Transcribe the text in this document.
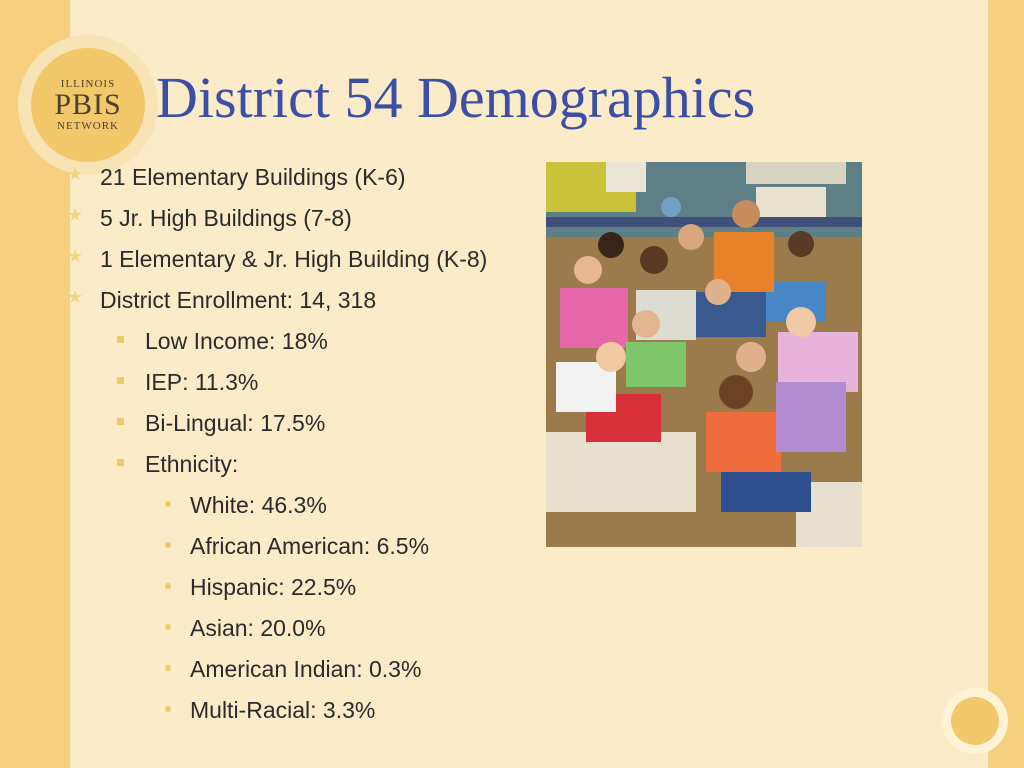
ILLINOIS
PBIS
NETWORK District 54 Demographics
★ 21 Elementary Buildings (K-6)
★ 5 Jr. High Buildings (7-8)
★ 1 Elementary & Jr. High Building (K-8)
★ District Enrollment: 14, 318
Low Income: 18%
IEP: 11.3%
Bi-Lingual: 17.5%
Ethnicity:
White: 46.3%
African American: 6.5%
Hispanic: 22.5%
Asian: 20.0%
American Indian: 0.3%
Multi-Racial: 3.3%
